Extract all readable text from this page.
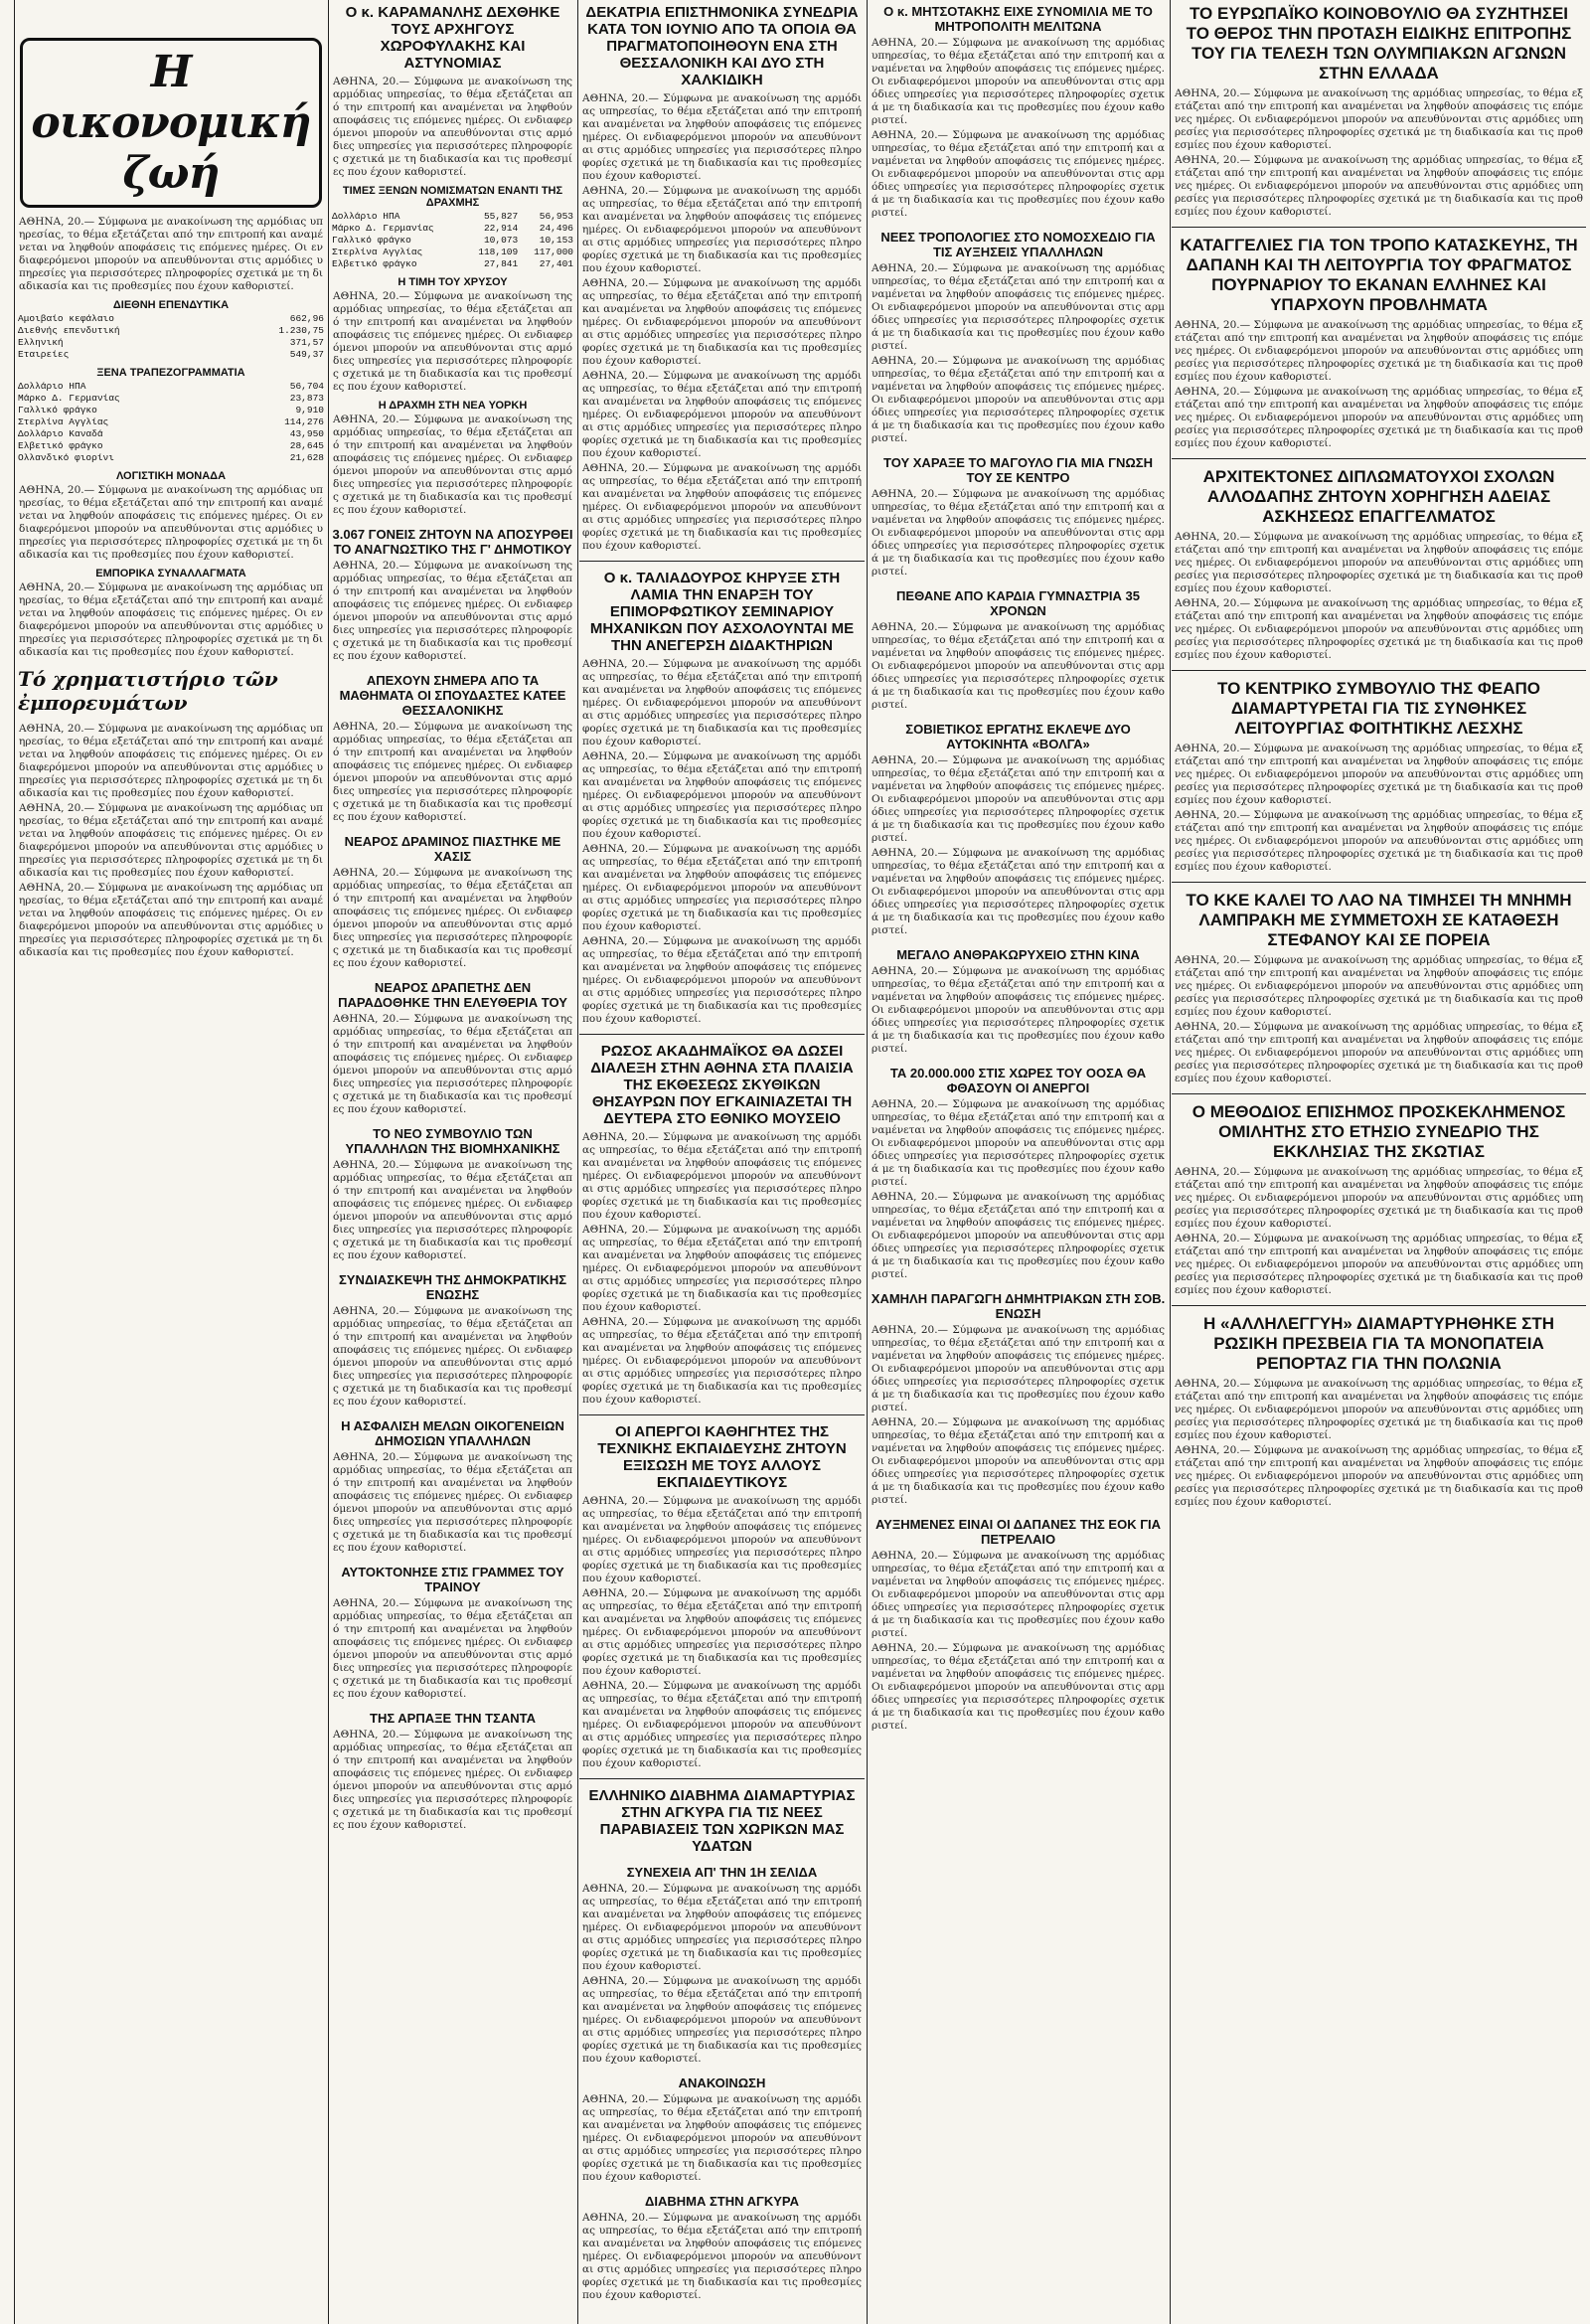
Η οικονομική ζωή
ΑΘΗΝΑ, 20.— Σύμφωνα με ανακοίνωση της αρμόδιας υπηρεσίας, το θέμα εξετάζεται από την επιτροπή και αναμένεται να ληφθούν αποφάσεις τις επόμενες ημέρες. Οι ενδιαφερόμενοι μπορούν να απευθύνονται στις αρμόδιες υπηρεσίες για περισσότερες πληροφορίες σχετικά με τη διαδικασία και τις προθεσμίες που έχουν καθοριστεί.
ΔΙΕΘΝΗ ΕΠΕΝΔΥΤΙΚΑ
Αμοιβαίο κεφάλαιο	662,96
Διεθνής επενδυτική	1.230,75
Ελληνική	371,57
Εταιρείες	549,37
ΞΕΝΑ ΤΡΑΠΕΖΟΓΡΑΜΜΑΤΙΑ
Δολλάριο ΗΠΑ	56,704
Μάρκο Δ. Γερμανίας	23,873
Γαλλικό φράγκο	9,910
Στερλίνα Αγγλίας	114,276
Δολλάριο Καναδά	43,950
Ελβετικό φράγκο	28,645
Ολλανδικό φιορίνι	21,628
ΛΟΓΙΣΤΙΚΗ ΜΟΝΑΔΑ
ΑΘΗΝΑ, 20.— Σύμφωνα με ανακοίνωση της αρμόδιας υπηρεσίας, το θέμα εξετάζεται από την επιτροπή και αναμένεται να ληφθούν αποφάσεις τις επόμενες ημέρες. Οι ενδιαφερόμενοι μπορούν να απευθύνονται στις αρμόδιες υπηρεσίες για περισσότερες πληροφορίες σχετικά με τη διαδικασία και τις προθεσμίες που έχουν καθοριστεί.
ΕΜΠΟΡΙΚΑ ΣΥΝΑΛΛΑΓΜΑΤΑ
ΑΘΗΝΑ, 20.— Σύμφωνα με ανακοίνωση της αρμόδιας υπηρεσίας, το θέμα εξετάζεται από την επιτροπή και αναμένεται να ληφθούν αποφάσεις τις επόμενες ημέρες. Οι ενδιαφερόμενοι μπορούν να απευθύνονται στις αρμόδιες υπηρεσίες για περισσότερες πληροφορίες σχετικά με τη διαδικασία και τις προθεσμίες που έχουν καθοριστεί.
Τό χρηματιστήριο τῶν ἐμπορευμάτων
ΑΘΗΝΑ, 20.— Σύμφωνα με ανακοίνωση της αρμόδιας υπηρεσίας, το θέμα εξετάζεται από την επιτροπή και αναμένεται να ληφθούν αποφάσεις τις επόμενες ημέρες. Οι ενδιαφερόμενοι μπορούν να απευθύνονται στις αρμόδιες υπηρεσίες για περισσότερες πληροφορίες σχετικά με τη διαδικασία και τις προθεσμίες που έχουν καθοριστεί.
ΑΘΗΝΑ, 20.— Σύμφωνα με ανακοίνωση της αρμόδιας υπηρεσίας, το θέμα εξετάζεται από την επιτροπή και αναμένεται να ληφθούν αποφάσεις τις επόμενες ημέρες. Οι ενδιαφερόμενοι μπορούν να απευθύνονται στις αρμόδιες υπηρεσίες για περισσότερες πληροφορίες σχετικά με τη διαδικασία και τις προθεσμίες που έχουν καθοριστεί.
ΑΘΗΝΑ, 20.— Σύμφωνα με ανακοίνωση της αρμόδιας υπηρεσίας, το θέμα εξετάζεται από την επιτροπή και αναμένεται να ληφθούν αποφάσεις τις επόμενες ημέρες. Οι ενδιαφερόμενοι μπορούν να απευθύνονται στις αρμόδιες υπηρεσίες για περισσότερες πληροφορίες σχετικά με τη διαδικασία και τις προθεσμίες που έχουν καθοριστεί.
Ο κ. ΚΑΡΑΜΑΝΛΗΣ ΔΕΧΘΗΚΕ ΤΟΥΣ ΑΡΧΗΓΟΥΣ ΧΩΡΟΦΥΛΑΚΗΣ ΚΑΙ ΑΣΤΥΝΟΜΙΑΣ
ΑΘΗΝΑ, 20.— Σύμφωνα με ανακοίνωση της αρμόδιας υπηρεσίας, το θέμα εξετάζεται από την επιτροπή και αναμένεται να ληφθούν αποφάσεις τις επόμενες ημέρες. Οι ενδιαφερόμενοι μπορούν να απευθύνονται στις αρμόδιες υπηρεσίες για περισσότερες πληροφορίες σχετικά με τη διαδικασία και τις προθεσμίες που έχουν καθοριστεί.
ΤΙΜΕΣ ΞΕΝΩΝ ΝΟΜΙΣΜΑΤΩΝ ΕΝΑΝΤΙ ΤΗΣ ΔΡΑΧΜΗΣ
Δολλάριο ΗΠΑ	55,827	56,953
Μάρκο Δ. Γερμανίας	22,914	24,496
Γαλλικό φράγκο	10,073	10,153
Στερλίνα Αγγλίας	118,109	117,000
Ελβετικό φράγκο	27,841	27,401
Η ΤΙΜΗ ΤΟΥ ΧΡΥΣΟΥ
ΑΘΗΝΑ, 20.— Σύμφωνα με ανακοίνωση της αρμόδιας υπηρεσίας, το θέμα εξετάζεται από την επιτροπή και αναμένεται να ληφθούν αποφάσεις τις επόμενες ημέρες. Οι ενδιαφερόμενοι μπορούν να απευθύνονται στις αρμόδιες υπηρεσίες για περισσότερες πληροφορίες σχετικά με τη διαδικασία και τις προθεσμίες που έχουν καθοριστεί.
Η ΔΡΑΧΜΗ ΣΤΗ ΝΕΑ ΥΟΡΚΗ
ΑΘΗΝΑ, 20.— Σύμφωνα με ανακοίνωση της αρμόδιας υπηρεσίας, το θέμα εξετάζεται από την επιτροπή και αναμένεται να ληφθούν αποφάσεις τις επόμενες ημέρες. Οι ενδιαφερόμενοι μπορούν να απευθύνονται στις αρμόδιες υπηρεσίες για περισσότερες πληροφορίες σχετικά με τη διαδικασία και τις προθεσμίες που έχουν καθοριστεί.
3.067 ΓΟΝΕΙΣ ΖΗΤΟΥΝ ΝΑ ΑΠΟΣΥΡΘΕΙ ΤΟ ΑΝΑΓΝΩΣΤΙΚΟ ΤΗΣ Γ' ΔΗΜΟΤΙΚΟΥ
ΑΘΗΝΑ, 20.— Σύμφωνα με ανακοίνωση της αρμόδιας υπηρεσίας, το θέμα εξετάζεται από την επιτροπή και αναμένεται να ληφθούν αποφάσεις τις επόμενες ημέρες. Οι ενδιαφερόμενοι μπορούν να απευθύνονται στις αρμόδιες υπηρεσίες για περισσότερες πληροφορίες σχετικά με τη διαδικασία και τις προθεσμίες που έχουν καθοριστεί.
ΑΠΕΧΟΥΝ ΣΗΜΕΡΑ ΑΠΟ ΤΑ ΜΑΘΗΜΑΤΑ ΟΙ ΣΠΟΥΔΑΣΤΕΣ ΚΑΤΕΕ ΘΕΣΣΑΛΟΝΙΚΗΣ
ΑΘΗΝΑ, 20.— Σύμφωνα με ανακοίνωση της αρμόδιας υπηρεσίας, το θέμα εξετάζεται από την επιτροπή και αναμένεται να ληφθούν αποφάσεις τις επόμενες ημέρες. Οι ενδιαφερόμενοι μπορούν να απευθύνονται στις αρμόδιες υπηρεσίες για περισσότερες πληροφορίες σχετικά με τη διαδικασία και τις προθεσμίες που έχουν καθοριστεί.
ΝΕΑΡΟΣ ΔΡΑΜΙΝΟΣ ΠΙΑΣΤΗΚΕ ΜΕ ΧΑΣΙΣ
ΑΘΗΝΑ, 20.— Σύμφωνα με ανακοίνωση της αρμόδιας υπηρεσίας, το θέμα εξετάζεται από την επιτροπή και αναμένεται να ληφθούν αποφάσεις τις επόμενες ημέρες. Οι ενδιαφερόμενοι μπορούν να απευθύνονται στις αρμόδιες υπηρεσίες για περισσότερες πληροφορίες σχετικά με τη διαδικασία και τις προθεσμίες που έχουν καθοριστεί.
ΝΕΑΡΟΣ ΔΡΑΠΕΤΗΣ ΔΕΝ ΠΑΡΑΔΟΘΗΚΕ ΤΗΝ ΕΛΕΥΘΕΡΙΑ ΤΟΥ
ΑΘΗΝΑ, 20.— Σύμφωνα με ανακοίνωση της αρμόδιας υπηρεσίας, το θέμα εξετάζεται από την επιτροπή και αναμένεται να ληφθούν αποφάσεις τις επόμενες ημέρες. Οι ενδιαφερόμενοι μπορούν να απευθύνονται στις αρμόδιες υπηρεσίες για περισσότερες πληροφορίες σχετικά με τη διαδικασία και τις προθεσμίες που έχουν καθοριστεί.
ΤΟ ΝΕΟ ΣΥΜΒΟΥΛΙΟ ΤΩΝ ΥΠΑΛΛΗΛΩΝ ΤΗΣ ΒΙΟΜΗΧΑΝΙΚΗΣ
ΑΘΗΝΑ, 20.— Σύμφωνα με ανακοίνωση της αρμόδιας υπηρεσίας, το θέμα εξετάζεται από την επιτροπή και αναμένεται να ληφθούν αποφάσεις τις επόμενες ημέρες. Οι ενδιαφερόμενοι μπορούν να απευθύνονται στις αρμόδιες υπηρεσίες για περισσότερες πληροφορίες σχετικά με τη διαδικασία και τις προθεσμίες που έχουν καθοριστεί.
ΣΥΝΔΙΑΣΚΕΨΗ ΤΗΣ ΔΗΜΟΚΡΑΤΙΚΗΣ ΕΝΩΣΗΣ
ΑΘΗΝΑ, 20.— Σύμφωνα με ανακοίνωση της αρμόδιας υπηρεσίας, το θέμα εξετάζεται από την επιτροπή και αναμένεται να ληφθούν αποφάσεις τις επόμενες ημέρες. Οι ενδιαφερόμενοι μπορούν να απευθύνονται στις αρμόδιες υπηρεσίες για περισσότερες πληροφορίες σχετικά με τη διαδικασία και τις προθεσμίες που έχουν καθοριστεί.
Η ΑΣΦΑΛΙΣΗ ΜΕΛΩΝ ΟΙΚΟΓΕΝΕΙΩΝ ΔΗΜΟΣΙΩΝ ΥΠΑΛΛΗΛΩΝ
ΑΘΗΝΑ, 20.— Σύμφωνα με ανακοίνωση της αρμόδιας υπηρεσίας, το θέμα εξετάζεται από την επιτροπή και αναμένεται να ληφθούν αποφάσεις τις επόμενες ημέρες. Οι ενδιαφερόμενοι μπορούν να απευθύνονται στις αρμόδιες υπηρεσίες για περισσότερες πληροφορίες σχετικά με τη διαδικασία και τις προθεσμίες που έχουν καθοριστεί.
ΑΥΤΟΚΤΟΝΗΣΕ ΣΤΙΣ ΓΡΑΜΜΕΣ ΤΟΥ ΤΡΑΙΝΟΥ
ΑΘΗΝΑ, 20.— Σύμφωνα με ανακοίνωση της αρμόδιας υπηρεσίας, το θέμα εξετάζεται από την επιτροπή και αναμένεται να ληφθούν αποφάσεις τις επόμενες ημέρες. Οι ενδιαφερόμενοι μπορούν να απευθύνονται στις αρμόδιες υπηρεσίες για περισσότερες πληροφορίες σχετικά με τη διαδικασία και τις προθεσμίες που έχουν καθοριστεί.
ΤΗΣ ΑΡΠΑΞΕ ΤΗΝ ΤΣΑΝΤΑ
ΑΘΗΝΑ, 20.— Σύμφωνα με ανακοίνωση της αρμόδιας υπηρεσίας, το θέμα εξετάζεται από την επιτροπή και αναμένεται να ληφθούν αποφάσεις τις επόμενες ημέρες. Οι ενδιαφερόμενοι μπορούν να απευθύνονται στις αρμόδιες υπηρεσίες για περισσότερες πληροφορίες σχετικά με τη διαδικασία και τις προθεσμίες που έχουν καθοριστεί.
ΔΕΚΑΤΡΙΑ ΕΠΙΣΤΗΜΟΝΙΚΑ ΣΥΝΕΔΡΙΑ ΚΑΤΑ ΤΟΝ ΙΟΥΝΙΟ ΑΠΟ ΤΑ ΟΠΟΙΑ ΘΑ ΠΡΑΓΜΑΤΟΠΟΙΗΘΟΥΝ ΕΝΑ ΣΤΗ ΘΕΣΣΑΛΟΝΙΚΗ ΚΑΙ ΔΥΟ ΣΤΗ ΧΑΛΚΙΔΙΚΗ
ΑΘΗΝΑ, 20.— Σύμφωνα με ανακοίνωση της αρμόδιας υπηρεσίας, το θέμα εξετάζεται από την επιτροπή και αναμένεται να ληφθούν αποφάσεις τις επόμενες ημέρες. Οι ενδιαφερόμενοι μπορούν να απευθύνονται στις αρμόδιες υπηρεσίες για περισσότερες πληροφορίες σχετικά με τη διαδικασία και τις προθεσμίες που έχουν καθοριστεί.
ΑΘΗΝΑ, 20.— Σύμφωνα με ανακοίνωση της αρμόδιας υπηρεσίας, το θέμα εξετάζεται από την επιτροπή και αναμένεται να ληφθούν αποφάσεις τις επόμενες ημέρες. Οι ενδιαφερόμενοι μπορούν να απευθύνονται στις αρμόδιες υπηρεσίες για περισσότερες πληροφορίες σχετικά με τη διαδικασία και τις προθεσμίες που έχουν καθοριστεί.
ΑΘΗΝΑ, 20.— Σύμφωνα με ανακοίνωση της αρμόδιας υπηρεσίας, το θέμα εξετάζεται από την επιτροπή και αναμένεται να ληφθούν αποφάσεις τις επόμενες ημέρες. Οι ενδιαφερόμενοι μπορούν να απευθύνονται στις αρμόδιες υπηρεσίες για περισσότερες πληροφορίες σχετικά με τη διαδικασία και τις προθεσμίες που έχουν καθοριστεί.
ΑΘΗΝΑ, 20.— Σύμφωνα με ανακοίνωση της αρμόδιας υπηρεσίας, το θέμα εξετάζεται από την επιτροπή και αναμένεται να ληφθούν αποφάσεις τις επόμενες ημέρες. Οι ενδιαφερόμενοι μπορούν να απευθύνονται στις αρμόδιες υπηρεσίες για περισσότερες πληροφορίες σχετικά με τη διαδικασία και τις προθεσμίες που έχουν καθοριστεί.
ΑΘΗΝΑ, 20.— Σύμφωνα με ανακοίνωση της αρμόδιας υπηρεσίας, το θέμα εξετάζεται από την επιτροπή και αναμένεται να ληφθούν αποφάσεις τις επόμενες ημέρες. Οι ενδιαφερόμενοι μπορούν να απευθύνονται στις αρμόδιες υπηρεσίες για περισσότερες πληροφορίες σχετικά με τη διαδικασία και τις προθεσμίες που έχουν καθοριστεί.
Ο κ. ΤΑΛΙΑΔΟΥΡΟΣ ΚΗΡΥΞΕ ΣΤΗ ΛΑΜΙΑ ΤΗΝ ΕΝΑΡΞΗ ΤΟΥ ΕΠΙΜΟΡΦΩΤΙΚΟΥ ΣΕΜΙΝΑΡΙΟΥ ΜΗΧΑΝΙΚΩΝ ΠΟΥ ΑΣΧΟΛΟΥΝΤΑΙ ΜΕ ΤΗΝ ΑΝΕΓΕΡΣΗ ΔΙΔΑΚΤΗΡΙΩΝ
ΑΘΗΝΑ, 20.— Σύμφωνα με ανακοίνωση της αρμόδιας υπηρεσίας, το θέμα εξετάζεται από την επιτροπή και αναμένεται να ληφθούν αποφάσεις τις επόμενες ημέρες. Οι ενδιαφερόμενοι μπορούν να απευθύνονται στις αρμόδιες υπηρεσίες για περισσότερες πληροφορίες σχετικά με τη διαδικασία και τις προθεσμίες που έχουν καθοριστεί.
ΑΘΗΝΑ, 20.— Σύμφωνα με ανακοίνωση της αρμόδιας υπηρεσίας, το θέμα εξετάζεται από την επιτροπή και αναμένεται να ληφθούν αποφάσεις τις επόμενες ημέρες. Οι ενδιαφερόμενοι μπορούν να απευθύνονται στις αρμόδιες υπηρεσίες για περισσότερες πληροφορίες σχετικά με τη διαδικασία και τις προθεσμίες που έχουν καθοριστεί.
ΑΘΗΝΑ, 20.— Σύμφωνα με ανακοίνωση της αρμόδιας υπηρεσίας, το θέμα εξετάζεται από την επιτροπή και αναμένεται να ληφθούν αποφάσεις τις επόμενες ημέρες. Οι ενδιαφερόμενοι μπορούν να απευθύνονται στις αρμόδιες υπηρεσίες για περισσότερες πληροφορίες σχετικά με τη διαδικασία και τις προθεσμίες που έχουν καθοριστεί.
ΑΘΗΝΑ, 20.— Σύμφωνα με ανακοίνωση της αρμόδιας υπηρεσίας, το θέμα εξετάζεται από την επιτροπή και αναμένεται να ληφθούν αποφάσεις τις επόμενες ημέρες. Οι ενδιαφερόμενοι μπορούν να απευθύνονται στις αρμόδιες υπηρεσίες για περισσότερες πληροφορίες σχετικά με τη διαδικασία και τις προθεσμίες που έχουν καθοριστεί.
ΡΩΣΟΣ ΑΚΑΔΗΜΑΪΚΟΣ ΘΑ ΔΩΣΕΙ ΔΙΑΛΕΞΗ ΣΤΗΝ ΑΘΗΝΑ ΣΤΑ ΠΛΑΙΣΙΑ ΤΗΣ ΕΚΘΕΣΕΩΣ ΣΚΥΘΙΚΩΝ ΘΗΣΑΥΡΩΝ ΠΟΥ ΕΓΚΑΙΝΙΑΖΕΤΑΙ ΤΗ ΔΕΥΤΕΡΑ ΣΤΟ ΕΘΝΙΚΟ ΜΟΥΣΕΙΟ
ΑΘΗΝΑ, 20.— Σύμφωνα με ανακοίνωση της αρμόδιας υπηρεσίας, το θέμα εξετάζεται από την επιτροπή και αναμένεται να ληφθούν αποφάσεις τις επόμενες ημέρες. Οι ενδιαφερόμενοι μπορούν να απευθύνονται στις αρμόδιες υπηρεσίες για περισσότερες πληροφορίες σχετικά με τη διαδικασία και τις προθεσμίες που έχουν καθοριστεί.
ΑΘΗΝΑ, 20.— Σύμφωνα με ανακοίνωση της αρμόδιας υπηρεσίας, το θέμα εξετάζεται από την επιτροπή και αναμένεται να ληφθούν αποφάσεις τις επόμενες ημέρες. Οι ενδιαφερόμενοι μπορούν να απευθύνονται στις αρμόδιες υπηρεσίες για περισσότερες πληροφορίες σχετικά με τη διαδικασία και τις προθεσμίες που έχουν καθοριστεί.
ΑΘΗΝΑ, 20.— Σύμφωνα με ανακοίνωση της αρμόδιας υπηρεσίας, το θέμα εξετάζεται από την επιτροπή και αναμένεται να ληφθούν αποφάσεις τις επόμενες ημέρες. Οι ενδιαφερόμενοι μπορούν να απευθύνονται στις αρμόδιες υπηρεσίες για περισσότερες πληροφορίες σχετικά με τη διαδικασία και τις προθεσμίες που έχουν καθοριστεί.
ΟΙ ΑΠΕΡΓΟΙ ΚΑΘΗΓΗΤΕΣ ΤΗΣ ΤΕΧΝΙΚΗΣ ΕΚΠΑΙΔΕΥΣΗΣ ΖΗΤΟΥΝ ΕΞΙΣΩΣΗ ΜΕ ΤΟΥΣ ΑΛΛΟΥΣ ΕΚΠΑΙΔΕΥΤΙΚΟΥΣ
ΑΘΗΝΑ, 20.— Σύμφωνα με ανακοίνωση της αρμόδιας υπηρεσίας, το θέμα εξετάζεται από την επιτροπή και αναμένεται να ληφθούν αποφάσεις τις επόμενες ημέρες. Οι ενδιαφερόμενοι μπορούν να απευθύνονται στις αρμόδιες υπηρεσίες για περισσότερες πληροφορίες σχετικά με τη διαδικασία και τις προθεσμίες που έχουν καθοριστεί.
ΑΘΗΝΑ, 20.— Σύμφωνα με ανακοίνωση της αρμόδιας υπηρεσίας, το θέμα εξετάζεται από την επιτροπή και αναμένεται να ληφθούν αποφάσεις τις επόμενες ημέρες. Οι ενδιαφερόμενοι μπορούν να απευθύνονται στις αρμόδιες υπηρεσίες για περισσότερες πληροφορίες σχετικά με τη διαδικασία και τις προθεσμίες που έχουν καθοριστεί.
ΑΘΗΝΑ, 20.— Σύμφωνα με ανακοίνωση της αρμόδιας υπηρεσίας, το θέμα εξετάζεται από την επιτροπή και αναμένεται να ληφθούν αποφάσεις τις επόμενες ημέρες. Οι ενδιαφερόμενοι μπορούν να απευθύνονται στις αρμόδιες υπηρεσίες για περισσότερες πληροφορίες σχετικά με τη διαδικασία και τις προθεσμίες που έχουν καθοριστεί.
ΕΛΛΗΝΙΚΟ ΔΙΑΒΗΜΑ ΔΙΑΜΑΡΤΥΡΙΑΣ ΣΤΗΝ ΑΓΚΥΡΑ ΓΙΑ ΤΙΣ ΝΕΕΣ ΠΑΡΑΒΙΑΣΕΙΣ ΤΩΝ ΧΩΡΙΚΩΝ ΜΑΣ ΥΔΑΤΩΝ
ΣΥΝΕΧΕΙΑ ΑΠ' ΤΗΝ 1Η ΣΕΛΙΔΑ
ΑΘΗΝΑ, 20.— Σύμφωνα με ανακοίνωση της αρμόδιας υπηρεσίας, το θέμα εξετάζεται από την επιτροπή και αναμένεται να ληφθούν αποφάσεις τις επόμενες ημέρες. Οι ενδιαφερόμενοι μπορούν να απευθύνονται στις αρμόδιες υπηρεσίες για περισσότερες πληροφορίες σχετικά με τη διαδικασία και τις προθεσμίες που έχουν καθοριστεί.
ΑΘΗΝΑ, 20.— Σύμφωνα με ανακοίνωση της αρμόδιας υπηρεσίας, το θέμα εξετάζεται από την επιτροπή και αναμένεται να ληφθούν αποφάσεις τις επόμενες ημέρες. Οι ενδιαφερόμενοι μπορούν να απευθύνονται στις αρμόδιες υπηρεσίες για περισσότερες πληροφορίες σχετικά με τη διαδικασία και τις προθεσμίες που έχουν καθοριστεί.
ΑΝΑΚΟΙΝΩΣΗ
ΑΘΗΝΑ, 20.— Σύμφωνα με ανακοίνωση της αρμόδιας υπηρεσίας, το θέμα εξετάζεται από την επιτροπή και αναμένεται να ληφθούν αποφάσεις τις επόμενες ημέρες. Οι ενδιαφερόμενοι μπορούν να απευθύνονται στις αρμόδιες υπηρεσίες για περισσότερες πληροφορίες σχετικά με τη διαδικασία και τις προθεσμίες που έχουν καθοριστεί.
ΔΙΑΒΗΜΑ ΣΤΗΝ ΑΓΚΥΡΑ
ΑΘΗΝΑ, 20.— Σύμφωνα με ανακοίνωση της αρμόδιας υπηρεσίας, το θέμα εξετάζεται από την επιτροπή και αναμένεται να ληφθούν αποφάσεις τις επόμενες ημέρες. Οι ενδιαφερόμενοι μπορούν να απευθύνονται στις αρμόδιες υπηρεσίες για περισσότερες πληροφορίες σχετικά με τη διαδικασία και τις προθεσμίες που έχουν καθοριστεί.
Ο κ. ΜΗΤΣΟΤΑΚΗΣ ΕΙΧΕ ΣΥΝΟΜΙΛΙΑ ΜΕ ΤΟ ΜΗΤΡΟΠΟΛΙΤΗ ΜΕΛΙΤΩΝΑ
ΑΘΗΝΑ, 20.— Σύμφωνα με ανακοίνωση της αρμόδιας υπηρεσίας, το θέμα εξετάζεται από την επιτροπή και αναμένεται να ληφθούν αποφάσεις τις επόμενες ημέρες. Οι ενδιαφερόμενοι μπορούν να απευθύνονται στις αρμόδιες υπηρεσίες για περισσότερες πληροφορίες σχετικά με τη διαδικασία και τις προθεσμίες που έχουν καθοριστεί.
ΑΘΗΝΑ, 20.— Σύμφωνα με ανακοίνωση της αρμόδιας υπηρεσίας, το θέμα εξετάζεται από την επιτροπή και αναμένεται να ληφθούν αποφάσεις τις επόμενες ημέρες. Οι ενδιαφερόμενοι μπορούν να απευθύνονται στις αρμόδιες υπηρεσίες για περισσότερες πληροφορίες σχετικά με τη διαδικασία και τις προθεσμίες που έχουν καθοριστεί.
ΝΕΕΣ ΤΡΟΠΟΛΟΓΙΕΣ ΣΤΟ ΝΟΜΟΣΧΕΔΙΟ ΓΙΑ ΤΙΣ ΑΥΞΗΣΕΙΣ ΥΠΑΛΛΗΛΩΝ
ΑΘΗΝΑ, 20.— Σύμφωνα με ανακοίνωση της αρμόδιας υπηρεσίας, το θέμα εξετάζεται από την επιτροπή και αναμένεται να ληφθούν αποφάσεις τις επόμενες ημέρες. Οι ενδιαφερόμενοι μπορούν να απευθύνονται στις αρμόδιες υπηρεσίες για περισσότερες πληροφορίες σχετικά με τη διαδικασία και τις προθεσμίες που έχουν καθοριστεί.
ΑΘΗΝΑ, 20.— Σύμφωνα με ανακοίνωση της αρμόδιας υπηρεσίας, το θέμα εξετάζεται από την επιτροπή και αναμένεται να ληφθούν αποφάσεις τις επόμενες ημέρες. Οι ενδιαφερόμενοι μπορούν να απευθύνονται στις αρμόδιες υπηρεσίες για περισσότερες πληροφορίες σχετικά με τη διαδικασία και τις προθεσμίες που έχουν καθοριστεί.
ΤΟΥ ΧΑΡΑΞΕ ΤΟ ΜΑΓΟΥΛΟ ΓΙΑ ΜΙΑ ΓΝΩΣΗ ΤΟΥ ΣΕ ΚΕΝΤΡΟ
ΑΘΗΝΑ, 20.— Σύμφωνα με ανακοίνωση της αρμόδιας υπηρεσίας, το θέμα εξετάζεται από την επιτροπή και αναμένεται να ληφθούν αποφάσεις τις επόμενες ημέρες. Οι ενδιαφερόμενοι μπορούν να απευθύνονται στις αρμόδιες υπηρεσίες για περισσότερες πληροφορίες σχετικά με τη διαδικασία και τις προθεσμίες που έχουν καθοριστεί.
ΠΕΘΑΝΕ ΑΠΟ ΚΑΡΔΙΑ ΓΥΜΝΑΣΤΡΙΑ 35 ΧΡΟΝΩΝ
ΑΘΗΝΑ, 20.— Σύμφωνα με ανακοίνωση της αρμόδιας υπηρεσίας, το θέμα εξετάζεται από την επιτροπή και αναμένεται να ληφθούν αποφάσεις τις επόμενες ημέρες. Οι ενδιαφερόμενοι μπορούν να απευθύνονται στις αρμόδιες υπηρεσίες για περισσότερες πληροφορίες σχετικά με τη διαδικασία και τις προθεσμίες που έχουν καθοριστεί.
ΣΟΒΙΕΤΙΚΟΣ ΕΡΓΑΤΗΣ ΕΚΛΕΨΕ ΔΥΟ ΑΥΤΟΚΙΝΗΤΑ «ΒΟΛΓΑ»
ΑΘΗΝΑ, 20.— Σύμφωνα με ανακοίνωση της αρμόδιας υπηρεσίας, το θέμα εξετάζεται από την επιτροπή και αναμένεται να ληφθούν αποφάσεις τις επόμενες ημέρες. Οι ενδιαφερόμενοι μπορούν να απευθύνονται στις αρμόδιες υπηρεσίες για περισσότερες πληροφορίες σχετικά με τη διαδικασία και τις προθεσμίες που έχουν καθοριστεί.
ΑΘΗΝΑ, 20.— Σύμφωνα με ανακοίνωση της αρμόδιας υπηρεσίας, το θέμα εξετάζεται από την επιτροπή και αναμένεται να ληφθούν αποφάσεις τις επόμενες ημέρες. Οι ενδιαφερόμενοι μπορούν να απευθύνονται στις αρμόδιες υπηρεσίες για περισσότερες πληροφορίες σχετικά με τη διαδικασία και τις προθεσμίες που έχουν καθοριστεί.
ΜΕΓΑΛΟ ΑΝΘΡΑΚΩΡΥΧΕΙΟ ΣΤΗΝ ΚΙΝΑ
ΑΘΗΝΑ, 20.— Σύμφωνα με ανακοίνωση της αρμόδιας υπηρεσίας, το θέμα εξετάζεται από την επιτροπή και αναμένεται να ληφθούν αποφάσεις τις επόμενες ημέρες. Οι ενδιαφερόμενοι μπορούν να απευθύνονται στις αρμόδιες υπηρεσίες για περισσότερες πληροφορίες σχετικά με τη διαδικασία και τις προθεσμίες που έχουν καθοριστεί.
ΤΑ 20.000.000 ΣΤΙΣ ΧΩΡΕΣ ΤΟΥ ΟΟΣΑ ΘΑ ΦΘΑΣΟΥΝ ΟΙ ΑΝΕΡΓΟΙ
ΑΘΗΝΑ, 20.— Σύμφωνα με ανακοίνωση της αρμόδιας υπηρεσίας, το θέμα εξετάζεται από την επιτροπή και αναμένεται να ληφθούν αποφάσεις τις επόμενες ημέρες. Οι ενδιαφερόμενοι μπορούν να απευθύνονται στις αρμόδιες υπηρεσίες για περισσότερες πληροφορίες σχετικά με τη διαδικασία και τις προθεσμίες που έχουν καθοριστεί.
ΑΘΗΝΑ, 20.— Σύμφωνα με ανακοίνωση της αρμόδιας υπηρεσίας, το θέμα εξετάζεται από την επιτροπή και αναμένεται να ληφθούν αποφάσεις τις επόμενες ημέρες. Οι ενδιαφερόμενοι μπορούν να απευθύνονται στις αρμόδιες υπηρεσίες για περισσότερες πληροφορίες σχετικά με τη διαδικασία και τις προθεσμίες που έχουν καθοριστεί.
ΧΑΜΗΛΗ ΠΑΡΑΓΩΓΗ ΔΗΜΗΤΡΙΑΚΩΝ ΣΤΗ ΣΟΒ. ΕΝΩΣΗ
ΑΘΗΝΑ, 20.— Σύμφωνα με ανακοίνωση της αρμόδιας υπηρεσίας, το θέμα εξετάζεται από την επιτροπή και αναμένεται να ληφθούν αποφάσεις τις επόμενες ημέρες. Οι ενδιαφερόμενοι μπορούν να απευθύνονται στις αρμόδιες υπηρεσίες για περισσότερες πληροφορίες σχετικά με τη διαδικασία και τις προθεσμίες που έχουν καθοριστεί.
ΑΘΗΝΑ, 20.— Σύμφωνα με ανακοίνωση της αρμόδιας υπηρεσίας, το θέμα εξετάζεται από την επιτροπή και αναμένεται να ληφθούν αποφάσεις τις επόμενες ημέρες. Οι ενδιαφερόμενοι μπορούν να απευθύνονται στις αρμόδιες υπηρεσίες για περισσότερες πληροφορίες σχετικά με τη διαδικασία και τις προθεσμίες που έχουν καθοριστεί.
ΑΥΞΗΜΕΝΕΣ ΕΙΝΑΙ ΟΙ ΔΑΠΑΝΕΣ ΤΗΣ ΕΟΚ ΓΙΑ ΠΕΤΡΕΛΑΙΟ
ΑΘΗΝΑ, 20.— Σύμφωνα με ανακοίνωση της αρμόδιας υπηρεσίας, το θέμα εξετάζεται από την επιτροπή και αναμένεται να ληφθούν αποφάσεις τις επόμενες ημέρες. Οι ενδιαφερόμενοι μπορούν να απευθύνονται στις αρμόδιες υπηρεσίες για περισσότερες πληροφορίες σχετικά με τη διαδικασία και τις προθεσμίες που έχουν καθοριστεί.
ΑΘΗΝΑ, 20.— Σύμφωνα με ανακοίνωση της αρμόδιας υπηρεσίας, το θέμα εξετάζεται από την επιτροπή και αναμένεται να ληφθούν αποφάσεις τις επόμενες ημέρες. Οι ενδιαφερόμενοι μπορούν να απευθύνονται στις αρμόδιες υπηρεσίες για περισσότερες πληροφορίες σχετικά με τη διαδικασία και τις προθεσμίες που έχουν καθοριστεί.
ΤΟ ΕΥΡΩΠΑΪΚΟ ΚΟΙΝΟΒΟΥΛΙΟ ΘΑ ΣΥΖΗΤΗΣΕΙ ΤΟ ΘΕΡΟΣ ΤΗΝ ΠΡΟΤΑΣΗ ΕΙΔΙΚΗΣ ΕΠΙΤΡΟΠΗΣ ΤΟΥ ΓΙΑ ΤΕΛΕΣΗ ΤΩΝ ΟΛΥΜΠΙΑΚΩΝ ΑΓΩΝΩΝ ΣΤΗΝ ΕΛΛΑΔΑ
ΑΘΗΝΑ, 20.— Σύμφωνα με ανακοίνωση της αρμόδιας υπηρεσίας, το θέμα εξετάζεται από την επιτροπή και αναμένεται να ληφθούν αποφάσεις τις επόμενες ημέρες. Οι ενδιαφερόμενοι μπορούν να απευθύνονται στις αρμόδιες υπηρεσίες για περισσότερες πληροφορίες σχετικά με τη διαδικασία και τις προθεσμίες που έχουν καθοριστεί.
ΑΘΗΝΑ, 20.— Σύμφωνα με ανακοίνωση της αρμόδιας υπηρεσίας, το θέμα εξετάζεται από την επιτροπή και αναμένεται να ληφθούν αποφάσεις τις επόμενες ημέρες. Οι ενδιαφερόμενοι μπορούν να απευθύνονται στις αρμόδιες υπηρεσίες για περισσότερες πληροφορίες σχετικά με τη διαδικασία και τις προθεσμίες που έχουν καθοριστεί.
ΚΑΤΑΓΓΕΛΙΕΣ ΓΙΑ ΤΟΝ ΤΡΟΠΟ ΚΑΤΑΣΚΕΥΗΣ, ΤΗ ΔΑΠΑΝΗ ΚΑΙ ΤΗ ΛΕΙΤΟΥΡΓΙΑ ΤΟΥ ΦΡΑΓΜΑΤΟΣ ΠΟΥΡΝΑΡΙΟΥ ΤΟ ΕΚΑΝΑΝ ΕΛΛΗΝΕΣ ΚΑΙ ΥΠΑΡΧΟΥΝ ΠΡΟΒΛΗΜΑΤΑ
ΑΘΗΝΑ, 20.— Σύμφωνα με ανακοίνωση της αρμόδιας υπηρεσίας, το θέμα εξετάζεται από την επιτροπή και αναμένεται να ληφθούν αποφάσεις τις επόμενες ημέρες. Οι ενδιαφερόμενοι μπορούν να απευθύνονται στις αρμόδιες υπηρεσίες για περισσότερες πληροφορίες σχετικά με τη διαδικασία και τις προθεσμίες που έχουν καθοριστεί.
ΑΘΗΝΑ, 20.— Σύμφωνα με ανακοίνωση της αρμόδιας υπηρεσίας, το θέμα εξετάζεται από την επιτροπή και αναμένεται να ληφθούν αποφάσεις τις επόμενες ημέρες. Οι ενδιαφερόμενοι μπορούν να απευθύνονται στις αρμόδιες υπηρεσίες για περισσότερες πληροφορίες σχετικά με τη διαδικασία και τις προθεσμίες που έχουν καθοριστεί.
ΑΡΧΙΤΕΚΤΟΝΕΣ ΔΙΠΛΩΜΑΤΟΥΧΟΙ ΣΧΟΛΩΝ ΑΛΛΟΔΑΠΗΣ ΖΗΤΟΥΝ ΧΟΡΗΓΗΣΗ ΑΔΕΙΑΣ ΑΣΚΗΣΕΩΣ ΕΠΑΓΓΕΛΜΑΤΟΣ
ΑΘΗΝΑ, 20.— Σύμφωνα με ανακοίνωση της αρμόδιας υπηρεσίας, το θέμα εξετάζεται από την επιτροπή και αναμένεται να ληφθούν αποφάσεις τις επόμενες ημέρες. Οι ενδιαφερόμενοι μπορούν να απευθύνονται στις αρμόδιες υπηρεσίες για περισσότερες πληροφορίες σχετικά με τη διαδικασία και τις προθεσμίες που έχουν καθοριστεί.
ΑΘΗΝΑ, 20.— Σύμφωνα με ανακοίνωση της αρμόδιας υπηρεσίας, το θέμα εξετάζεται από την επιτροπή και αναμένεται να ληφθούν αποφάσεις τις επόμενες ημέρες. Οι ενδιαφερόμενοι μπορούν να απευθύνονται στις αρμόδιες υπηρεσίες για περισσότερες πληροφορίες σχετικά με τη διαδικασία και τις προθεσμίες που έχουν καθοριστεί.
ΤΟ ΚΕΝΤΡΙΚΟ ΣΥΜΒΟΥΛΙΟ ΤΗΣ ΦΕΑΠΟ ΔΙΑΜΑΡΤΥΡΕΤΑΙ ΓΙΑ ΤΙΣ ΣΥΝΘΗΚΕΣ ΛΕΙΤΟΥΡΓΙΑΣ ΦΟΙΤΗΤΙΚΗΣ ΛΕΣΧΗΣ
ΑΘΗΝΑ, 20.— Σύμφωνα με ανακοίνωση της αρμόδιας υπηρεσίας, το θέμα εξετάζεται από την επιτροπή και αναμένεται να ληφθούν αποφάσεις τις επόμενες ημέρες. Οι ενδιαφερόμενοι μπορούν να απευθύνονται στις αρμόδιες υπηρεσίες για περισσότερες πληροφορίες σχετικά με τη διαδικασία και τις προθεσμίες που έχουν καθοριστεί.
ΑΘΗΝΑ, 20.— Σύμφωνα με ανακοίνωση της αρμόδιας υπηρεσίας, το θέμα εξετάζεται από την επιτροπή και αναμένεται να ληφθούν αποφάσεις τις επόμενες ημέρες. Οι ενδιαφερόμενοι μπορούν να απευθύνονται στις αρμόδιες υπηρεσίες για περισσότερες πληροφορίες σχετικά με τη διαδικασία και τις προθεσμίες που έχουν καθοριστεί.
ΤΟ ΚΚΕ ΚΑΛΕΙ ΤΟ ΛΑΟ ΝΑ ΤΙΜΗΣΕΙ ΤΗ ΜΝΗΜΗ ΛΑΜΠΡΑΚΗ ΜΕ ΣΥΜΜΕΤΟΧΗ ΣΕ ΚΑΤΑΘΕΣΗ ΣΤΕΦΑΝΟΥ ΚΑΙ ΣΕ ΠΟΡΕΙΑ
ΑΘΗΝΑ, 20.— Σύμφωνα με ανακοίνωση της αρμόδιας υπηρεσίας, το θέμα εξετάζεται από την επιτροπή και αναμένεται να ληφθούν αποφάσεις τις επόμενες ημέρες. Οι ενδιαφερόμενοι μπορούν να απευθύνονται στις αρμόδιες υπηρεσίες για περισσότερες πληροφορίες σχετικά με τη διαδικασία και τις προθεσμίες που έχουν καθοριστεί.
ΑΘΗΝΑ, 20.— Σύμφωνα με ανακοίνωση της αρμόδιας υπηρεσίας, το θέμα εξετάζεται από την επιτροπή και αναμένεται να ληφθούν αποφάσεις τις επόμενες ημέρες. Οι ενδιαφερόμενοι μπορούν να απευθύνονται στις αρμόδιες υπηρεσίες για περισσότερες πληροφορίες σχετικά με τη διαδικασία και τις προθεσμίες που έχουν καθοριστεί.
Ο ΜΕΘΟΔΙΟΣ ΕΠΙΣΗΜΟΣ ΠΡΟΣΚΕΚΛΗΜΕΝΟΣ ΟΜΙΛΗΤΗΣ ΣΤΟ ΕΤΗΣΙΟ ΣΥΝΕΔΡΙΟ ΤΗΣ ΕΚΚΛΗΣΙΑΣ ΤΗΣ ΣΚΩΤΙΑΣ
ΑΘΗΝΑ, 20.— Σύμφωνα με ανακοίνωση της αρμόδιας υπηρεσίας, το θέμα εξετάζεται από την επιτροπή και αναμένεται να ληφθούν αποφάσεις τις επόμενες ημέρες. Οι ενδιαφερόμενοι μπορούν να απευθύνονται στις αρμόδιες υπηρεσίες για περισσότερες πληροφορίες σχετικά με τη διαδικασία και τις προθεσμίες που έχουν καθοριστεί.
ΑΘΗΝΑ, 20.— Σύμφωνα με ανακοίνωση της αρμόδιας υπηρεσίας, το θέμα εξετάζεται από την επιτροπή και αναμένεται να ληφθούν αποφάσεις τις επόμενες ημέρες. Οι ενδιαφερόμενοι μπορούν να απευθύνονται στις αρμόδιες υπηρεσίες για περισσότερες πληροφορίες σχετικά με τη διαδικασία και τις προθεσμίες που έχουν καθοριστεί.
Η «ΑΛΛΗΛΕΓΓΥΗ» ΔΙΑΜΑΡΤΥΡΗΘΗΚΕ ΣΤΗ ΡΩΣΙΚΗ ΠΡΕΣΒΕΙΑ ΓΙΑ ΤΑ ΜΟΝΟΠΑΤΕΙΑ ΡΕΠΟΡΤΑΖ ΓΙΑ ΤΗΝ ΠΟΛΩΝΙΑ
ΑΘΗΝΑ, 20.— Σύμφωνα με ανακοίνωση της αρμόδιας υπηρεσίας, το θέμα εξετάζεται από την επιτροπή και αναμένεται να ληφθούν αποφάσεις τις επόμενες ημέρες. Οι ενδιαφερόμενοι μπορούν να απευθύνονται στις αρμόδιες υπηρεσίες για περισσότερες πληροφορίες σχετικά με τη διαδικασία και τις προθεσμίες που έχουν καθοριστεί.
ΑΘΗΝΑ, 20.— Σύμφωνα με ανακοίνωση της αρμόδιας υπηρεσίας, το θέμα εξετάζεται από την επιτροπή και αναμένεται να ληφθούν αποφάσεις τις επόμενες ημέρες. Οι ενδιαφερόμενοι μπορούν να απευθύνονται στις αρμόδιες υπηρεσίες για περισσότερες πληροφορίες σχετικά με τη διαδικασία και τις προθεσμίες που έχουν καθοριστεί.
